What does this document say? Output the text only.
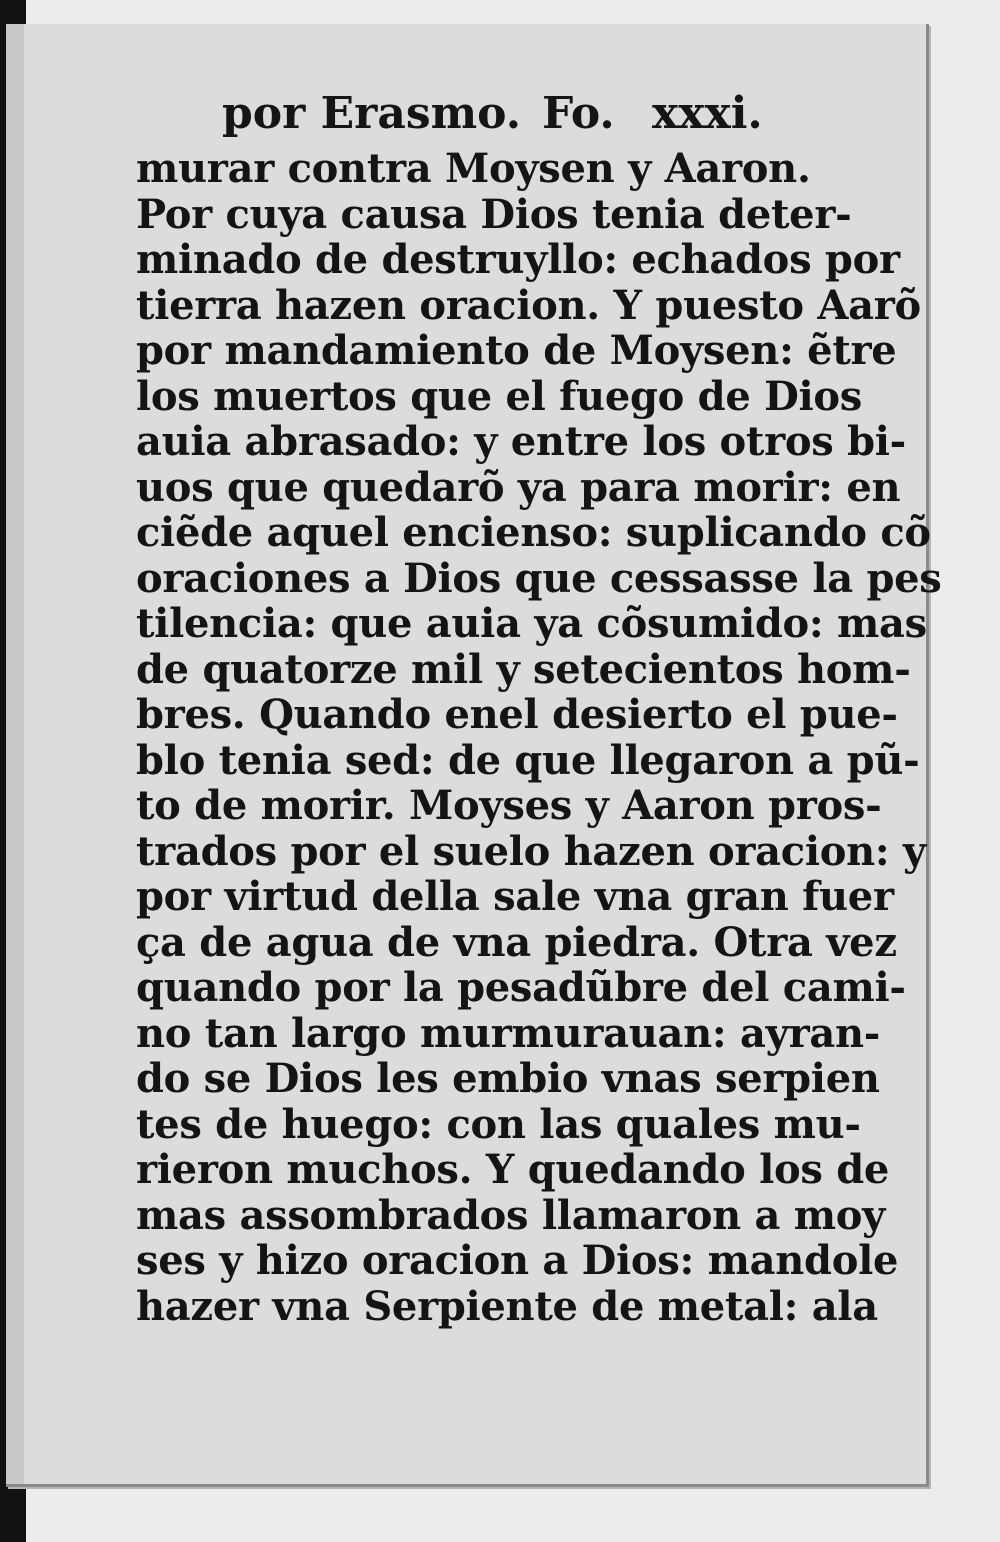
por Erasmo. Fo. xxxi.
murar contra Moysen y Aaron.
Por cuya causa Dios tenia deter-
minado de destruyllo: echados por
tierra hazen oracion. Y puesto Aarõ
por mandamiento de Moysen: ẽtre
los muertos que el fuego de Dios
auia abrasado: y entre los otros bi-
uos que quedarõ ya para morir: en
ciẽde aquel encienso: suplicando cõ
oraciones a Dios que cessasse la pes
tilencia: que auia ya cõsumido: mas
de quatorze mil y setecientos hom-
bres. Quando enel desierto el pue-
blo tenia sed: de que llegaron a pũ-
to de morir. Moyses y Aaron pros-
trados por el suelo hazen oracion: y
por virtud della sale vna gran fuer
ça de agua de vna piedra. Otra vez
quando por la pesadũbre del cami-
no tan largo murmurauan: ayran-
do se Dios les embio vnas serpien
tes de huego: con las quales mu-
rieron muchos. Y quedando los de
mas assombrados llamaron a moy
ses y hizo oracion a Dios: mandole
hazer vna Serpiente de metal: ala
